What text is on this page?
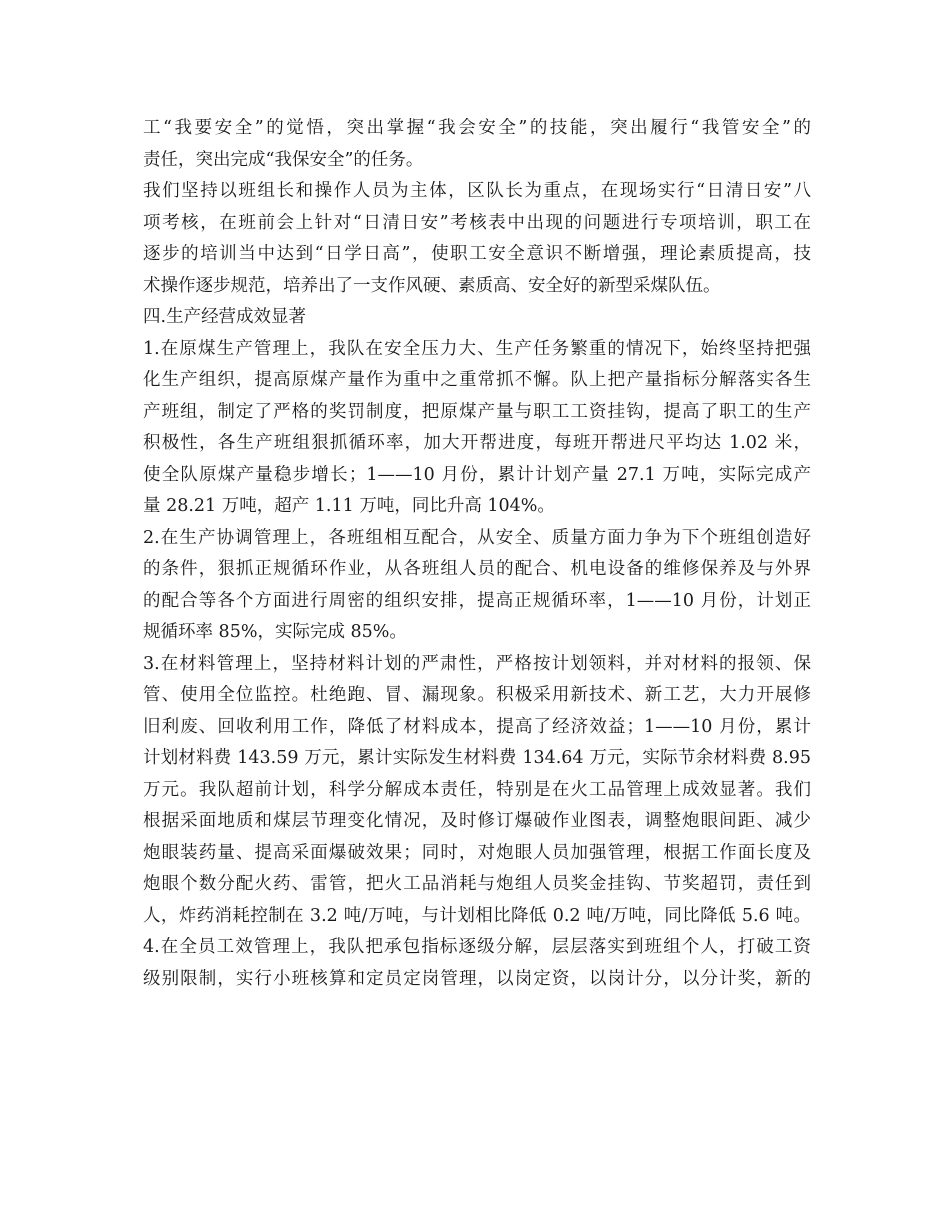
工“我要安全”的觉悟，突出掌握“我会安全”的技能，突出履行“我管安全”的
责任，突出完成“我保安全”的任务。
我们坚持以班组长和操作人员为主体，区队长为重点，在现场实行“日清日安”八
项考核，在班前会上针对“日清日安”考核表中出现的问题进行专项培训，职工在
逐步的培训当中达到“日学日高”，使职工安全意识不断增强，理论素质提高，技
术操作逐步规范，培养出了一支作风硬、素质高、安全好的新型采煤队伍。
四.生产经营成效显著
1.在原煤生产管理上，我队在安全压力大、生产任务繁重的情况下，始终坚持把强
化生产组织，提高原煤产量作为重中之重常抓不懈。队上把产量指标分解落实各生
产班组，制定了严格的奖罚制度，把原煤产量与职工工资挂钩，提高了职工的生产
积极性，各生产班组狠抓循环率，加大开帮进度，每班开帮进尺平均达 1.02 米，
使全队原煤产量稳步增长；1——10 月份，累计计划产量 27.1 万吨，实际完成产
量 28.21 万吨，超产 1.11 万吨，同比升高 104%。
2.在生产协调管理上，各班组相互配合，从安全、质量方面力争为下个班组创造好
的条件，狠抓正规循环作业，从各班组人员的配合、机电设备的维修保养及与外界
的配合等各个方面进行周密的组织安排，提高正规循环率，1——10 月份，计划正
规循环率 85%，实际完成 85%。
3.在材料管理上，坚持材料计划的严肃性，严格按计划领料，并对材料的报领、保
管、使用全位监控。杜绝跑、冒、漏现象。积极采用新技术、新工艺，大力开展修
旧利废、回收利用工作，降低了材料成本，提高了经济效益；1——10 月份，累计
计划材料费 143.59 万元，累计实际发生材料费 134.64 万元，实际节余材料费 8.95
万元。我队超前计划，科学分解成本责任，特别是在火工品管理上成效显著。我们
根据采面地质和煤层节理变化情况，及时修订爆破作业图表，调整炮眼间距、减少
炮眼装药量、提高采面爆破效果；同时，对炮眼人员加强管理，根据工作面长度及
炮眼个数分配火药、雷管，把火工品消耗与炮组人员奖金挂钩、节奖超罚，责任到
人，炸药消耗控制在 3.2 吨/万吨，与计划相比降低 0.2 吨/万吨，同比降低 5.6 吨。
4.在全员工效管理上，我队把承包指标逐级分解，层层落实到班组个人，打破工资
级别限制，实行小班核算和定员定岗管理，以岗定资，以岗计分，以分计奖，新的
